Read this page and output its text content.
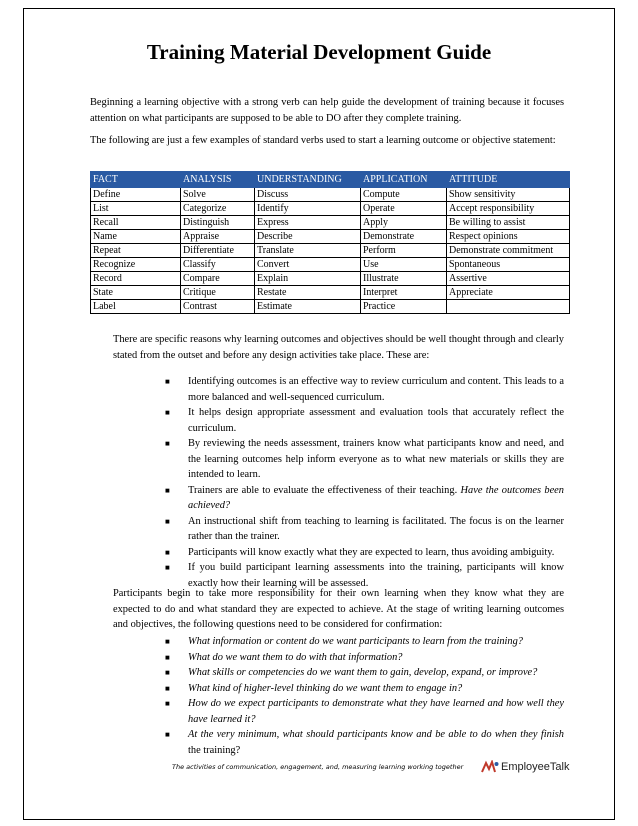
Training Material Development Guide
Beginning a learning objective with a strong verb can help guide the development of training because it focuses attention on what participants are supposed to be able to DO after they complete training.
The following are just a few examples of standard verbs used to start a learning outcome or objective statement:
FACT	ANALYSIS	UNDERSTANDING	APPLICATION	ATTITUDE
Define	Solve	Discuss	Compute	Show sensitivity
List	Categorize	Identify	Operate	Accept responsibility
Recall	Distinguish	Express	Apply	Be willing to assist
Name	Appraise	Describe	Demonstrate	Respect opinions
Repeat	Differentiate	Translate	Perform	Demonstrate commitment
Recognize	Classify	Convert	Use	Spontaneous
Record	Compare	Explain	Illustrate	Assertive
State	Critique	Restate	Interpret	Appreciate
Label	Contrast	Estimate	Practice	
There are specific reasons why learning outcomes and objectives should be well thought through and clearly stated from the outset and before any design activities take place. These are:
■ Identifying outcomes is an effective way to review curriculum and content. This leads to a more balanced and well-sequenced curriculum.
■ It helps design appropriate assessment and evaluation tools that accurately reflect the curriculum.
■ By reviewing the needs assessment, trainers know what participants know and need, and the learning outcomes help inform everyone as to what new materials or skills they are intended to learn.
■ Trainers are able to evaluate the effectiveness of their teaching. Have the outcomes been achieved?
■ An instructional shift from teaching to learning is facilitated. The focus is on the learner rather than the trainer.
■ Participants will know exactly what they are expected to learn, thus avoiding ambiguity.
■ If you build participant learning assessments into the training, participants will know exactly how their learning will be assessed.
Participants begin to take more responsibility for their own learning when they know what they are expected to do and what standard they are expected to achieve. At the stage of writing learning outcomes and objectives, the following questions need to be considered for confirmation:
■ What information or content do we want participants to learn from the training?
■ What do we want them to do with that information?
■ What skills or competencies do we want them to gain, develop, expand, or improve?
■ What kind of higher-level thinking do we want them to engage in?
■ How do we expect participants to demonstrate what they have learned and how well they have learned it?
■ At the very minimum, what should participants know and be able to do when they finish the training?
The activities of communication, engagement, and, measuring learning working together	EmployeeTalk
